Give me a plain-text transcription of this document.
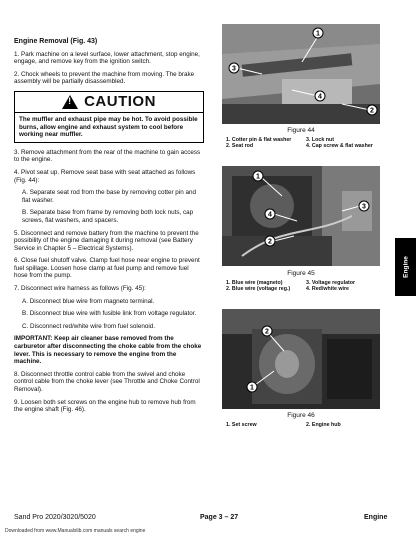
Engine Removal (Fig. 43)

1. Park machine on a level surface, lower attachment, stop engine, engage, and remove key from the ignition switch.

2. Chock wheels to prevent the machine from moving. The brake assembly will be partially disassembled.

! CAUTION
The muffler and exhaust pipe may be hot. To avoid possible burns, allow engine and exhaust system to cool before working near muffler.

3. Remove attachment from the rear of the machine to gain access to the engine.

4. Pivot seat up. Remove seat base with seat attached as follows (Fig. 44):

A. Separate seat rod from the base by removing cotter pin and flat washer.

B. Separate base from frame by removing both lock nuts, cap screws, flat washers, and spacers.

5. Disconnect and remove battery from the machine to prevent the possibility of the engine damaging it during removal (see Battery Service in Chapter 5 – Electrical Systems).

6. Close fuel shutoff valve. Clamp fuel hose near engine to prevent fuel spillage. Loosen hose clamp at fuel pump and remove fuel hose from the pump.

7. Disconnect wire harness as follows (Fig. 45):

A. Disconnect blue wire from magneto terminal.

B. Disconnect blue wire with fusible link from voltage regulator.

C. Disconnect red/white wire from fuel solenoid.

IMPORTANT: Keep air cleaner base removed from the carburetor after disconnecting the choke cable from the choke lever. This is necessary to remove the engine from the machine.

8. Disconnect throttle control cable from the swivel and choke control cable from the choke lever (see Throttle and Choke Control Removal).

9. Loosen both set screws on the engine hub to remove hub from the engine shaft (Fig. 46).

1
3
4
2
Figure 44
1. Cotter pin & flat washer	3. Lock nut
2. Seat rod	4. Cap screw & flat washer
1
4
3
2
Figure 45
1. Blue wire (magneto)	3. Voltage regulator
2. Blue wire (voltage reg.)	4. Red/white wire
2
1
Figure 46
1. Set screw	2. Engine hub
Engine
Sand Pro 2020/3020/5020	Page 3 – 27	Engine
Downloaded from www.Manualslib.com manuals search engine
